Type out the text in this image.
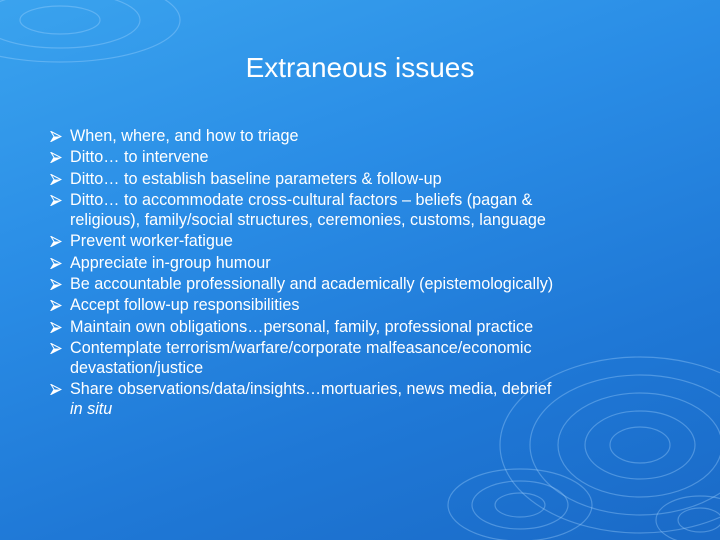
Extraneous issues
When, where, and how to triage
Ditto… to intervene
Ditto… to establish baseline parameters & follow-up
Ditto… to accommodate cross-cultural factors – beliefs (pagan &
religious), family/social structures, ceremonies, customs, language
Prevent worker-fatigue
Appreciate in-group humour
Be accountable professionally and academically (epistemologically)
Accept follow-up responsibilities
Maintain own obligations…personal, family, professional practice
Contemplate terrorism/warfare/corporate malfeasance/economic
devastation/justice
Share observations/data/insights…mortuaries, news media, debrief
in situ
